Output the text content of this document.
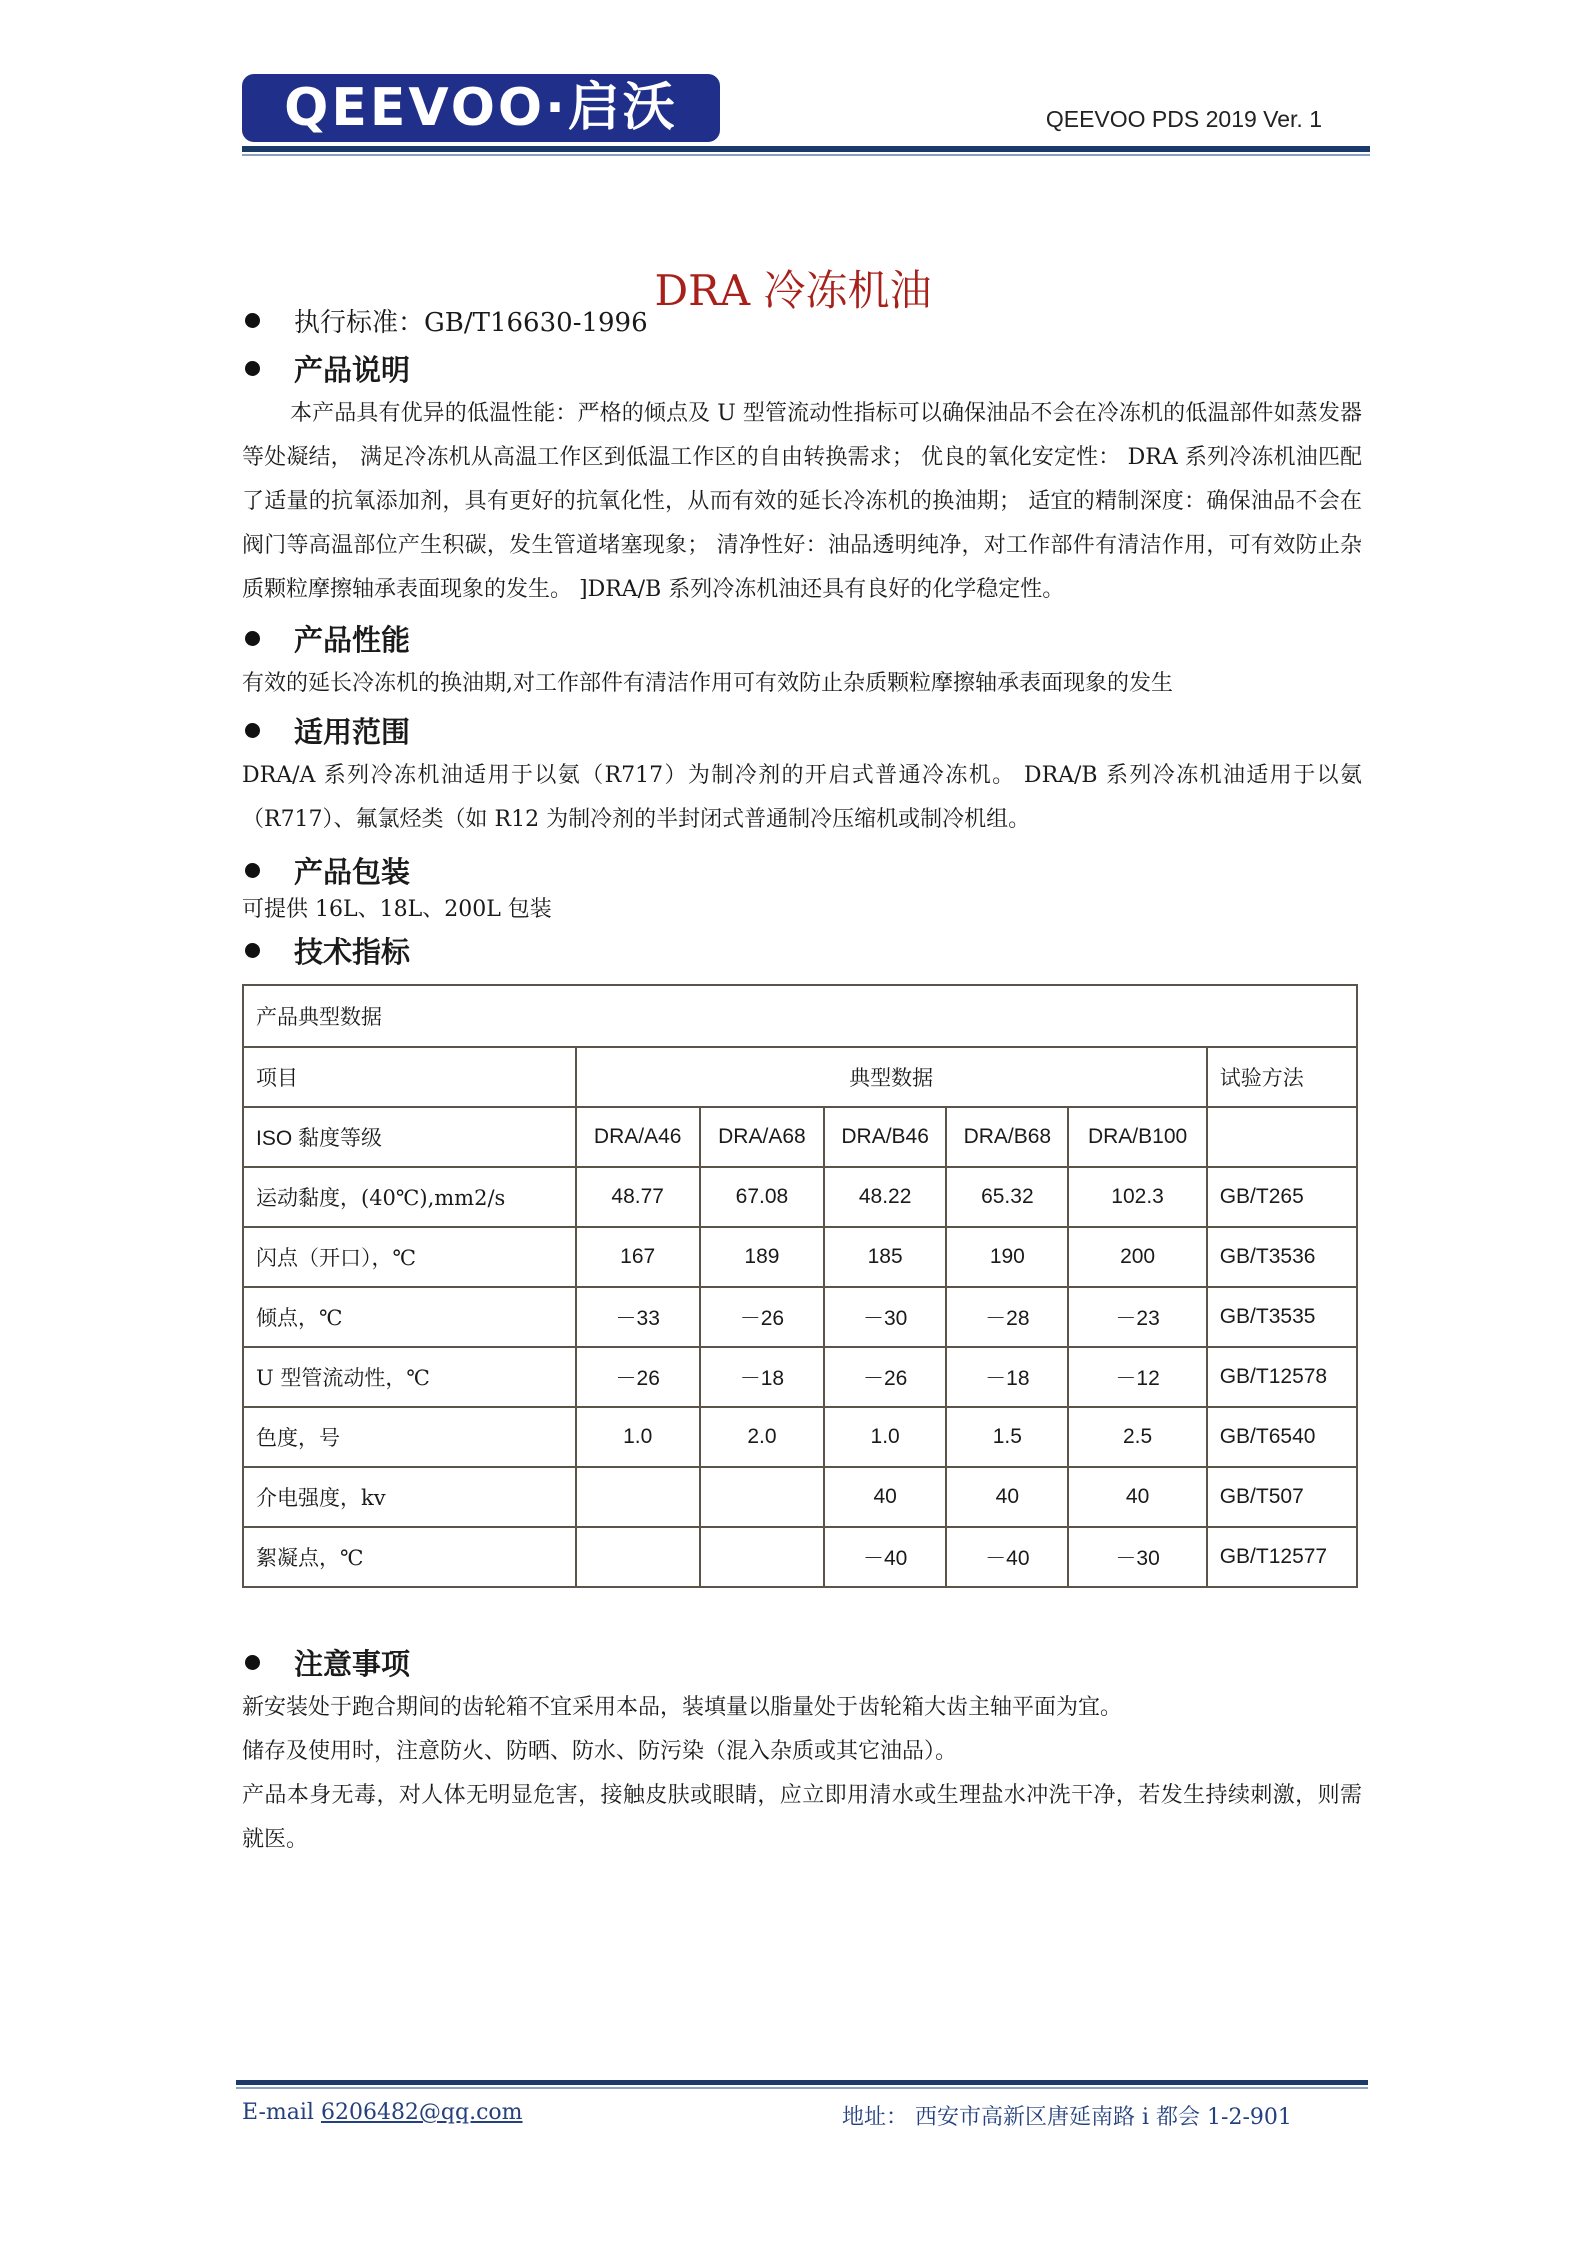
QEEVOO·启沃	QEEVOO PDS 2019 Ver. 1
DRA 冷冻机油
执行标准：GB/T16630-1996
产品说明

本产品具有优异的低温性能：严格的倾点及 U 型管流动性指标可以确保油品不会在冷冻机的低温部件如蒸发器等处凝结， 满足冷冻机从高温工作区到低温工作区的自由转换需求； 优良的氧化安定性： DRA 系列冷冻机油匹配了适量的抗氧添加剂，具有更好的抗氧化性，从而有效的延长冷冻机的换油期； 适宜的精制深度：确保油品不会在阀门等高温部位产生积碳，发生管道堵塞现象； 清净性好：油品透明纯净，对工作部件有清洁作用，可有效防止杂质颗粒摩擦轴承表面现象的发生。 ]DRA/B 系列冷冻机油还具有良好的化学稳定性。

产品性能

有效的延长冷冻机的换油期,对工作部件有清洁作用可有效防止杂质颗粒摩擦轴承表面现象的发生

适用范围

DRA/A 系列冷冻机油适用于以氨（R717）为制冷剂的开启式普通冷冻机。 DRA/B 系列冷冻机油适用于以氨（R717）、氟氯烃类（如 R12 为制冷剂的半封闭式普通制冷压缩机或制冷机组。

产品包装

可提供 16L、18L、200L 包装

技术指标
产品典型数据						
项目	典型数据					试验方法
ISO 黏度等级	DRA/A46	DRA/A68	DRA/B46	DRA/B68	DRA/B100	
运动黏度，(40℃),mm2/s	48.77	67.08	48.22	65.32	102.3	GB/T265
闪点（开口），℃	167	189	185	190	200	GB/T3536
倾点，℃	－33	－26	－30	－28	－23	GB/T3535
U 型管流动性，℃	－26	－18	－26	－18	－12	GB/T12578
色度，号	1.0	2.0	1.0	1.5	2.5	GB/T6540
介电强度，kv			40	40	40	GB/T507
絮凝点，℃			－40	－40	－30	GB/T12577
注意事项

新安装处于跑合期间的齿轮箱不宜采用本品，装填量以脂量处于齿轮箱大齿主轴平面为宜。

储存及使用时，注意防火、防晒、防水、防污染（混入杂质或其它油品）。

产品本身无毒，对人体无明显危害，接触皮肤或眼睛，应立即用清水或生理盐水冲洗干净，若发生持续刺激，则需就医。

E-mail 6206482@qq.com	地址： 西安市高新区唐延南路 i 都会 1-2-901
